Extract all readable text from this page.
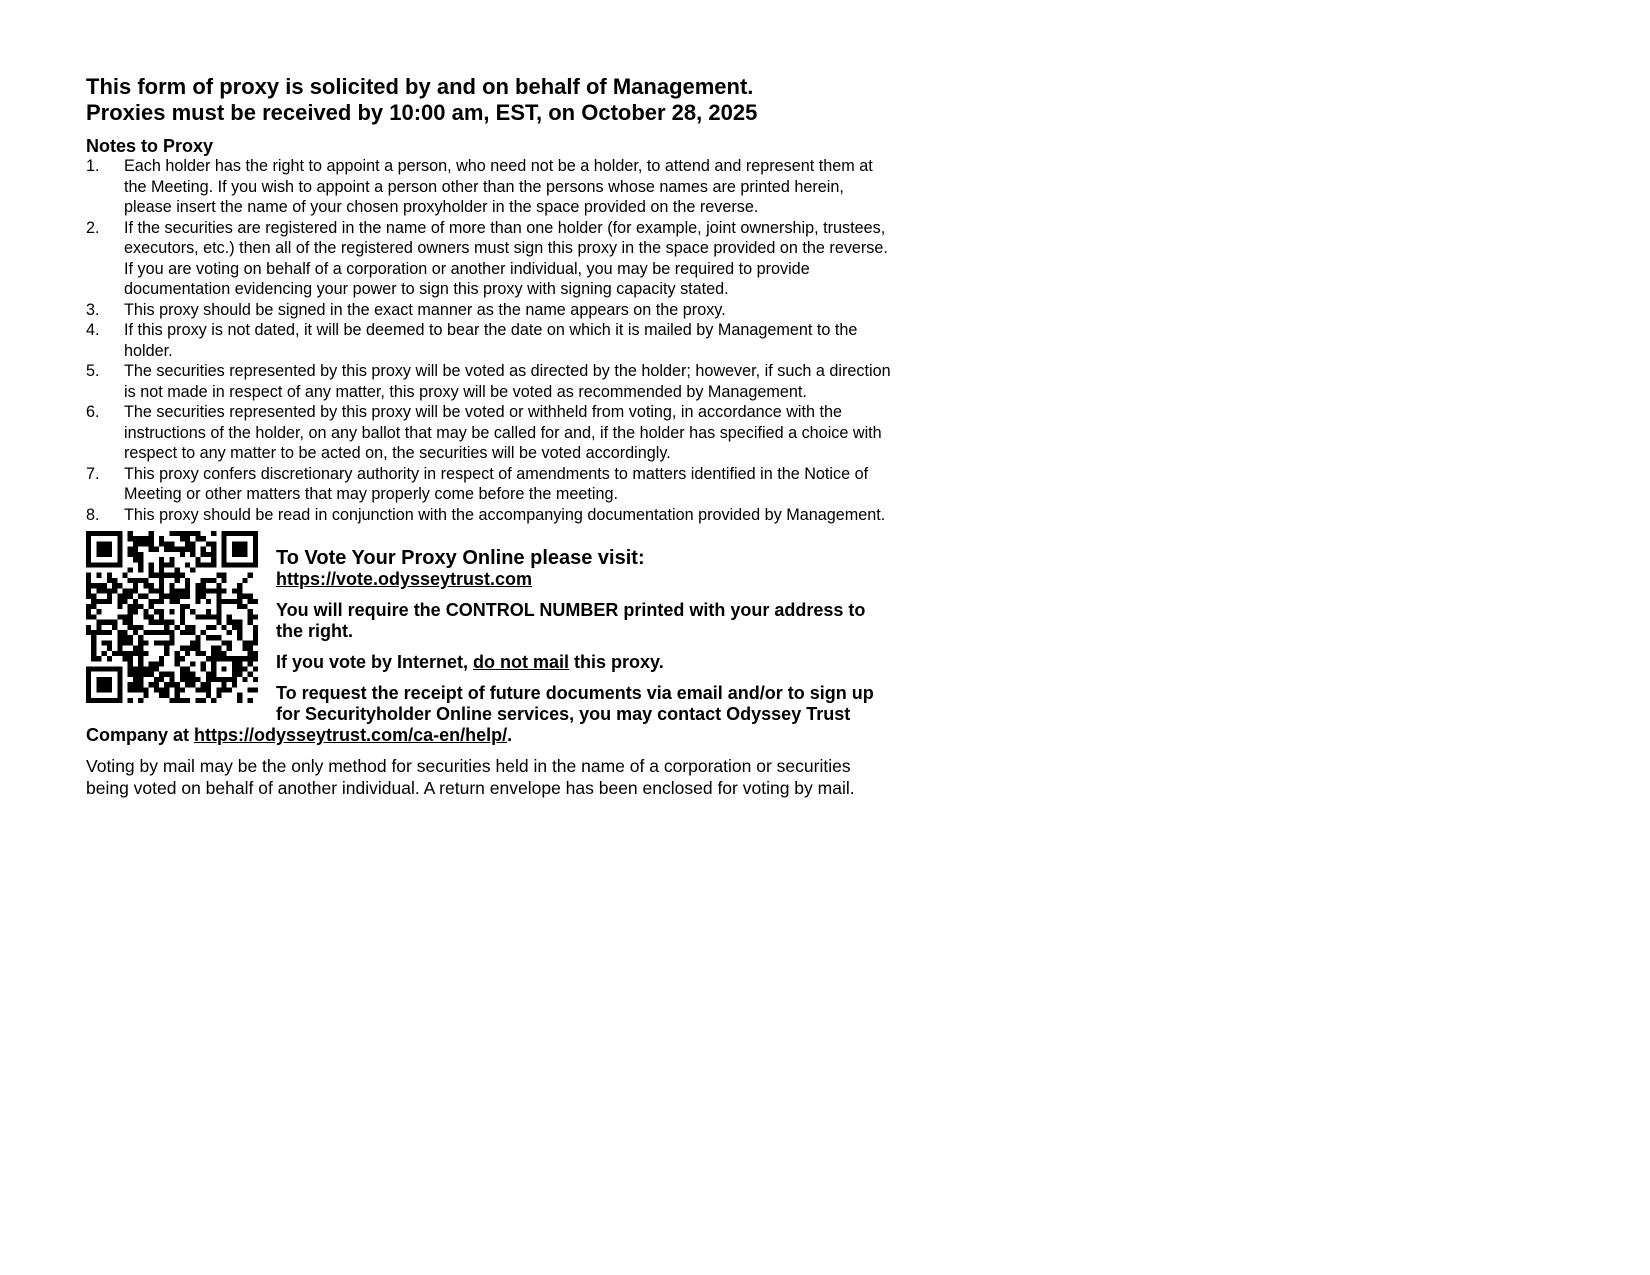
This form of proxy is solicited by and on behalf of Management.
Proxies must be received by 10:00 am, EST, on October 28, 2025
Notes to Proxy
1.	Each holder has the right to appoint a person, who need not be a holder, to attend and represent them at the Meeting. If you wish to appoint a person other than the persons whose names are printed herein, please insert the name of your chosen proxyholder in the space provided on the reverse.
2.	If the securities are registered in the name of more than one holder (for example, joint ownership, trustees, executors, etc.) then all of the registered owners must sign this proxy in the space provided on the reverse. If you are voting on behalf of a corporation or another individual, you may be required to provide documentation evidencing your power to sign this proxy with signing capacity stated.
3.	This proxy should be signed in the exact manner as the name appears on the proxy.
4.	If this proxy is not dated, it will be deemed to bear the date on which it is mailed by Management to the holder.
5.	The securities represented by this proxy will be voted as directed by the holder; however, if such a direction is not made in respect of any matter, this proxy will be voted as recommended by Management.
6.	The securities represented by this proxy will be voted or withheld from voting, in accordance with the instructions of the holder, on any ballot that may be called for and, if the holder has specified a choice with respect to any matter to be acted on, the securities will be voted accordingly.
7.	This proxy confers discretionary authority in respect of amendments to matters identified in the Notice of Meeting or other matters that may properly come before the meeting.
8.	This proxy should be read in conjunction with the accompanying documentation provided by Management.
To Vote Your Proxy Online please visit:
https://vote.odysseytrust.com
You will require the CONTROL NUMBER printed with your address to the right.
If you vote by Internet, do not mail this proxy.
To request the receipt of future documents via email and/or to sign up for Securityholder Online services, you may contact Odyssey Trust Company at https://odysseytrust.com/ca-en/help/.
Voting by mail may be the only method for securities held in the name of a corporation or securities being voted on behalf of another individual. A return envelope has been enclosed for voting by mail.
